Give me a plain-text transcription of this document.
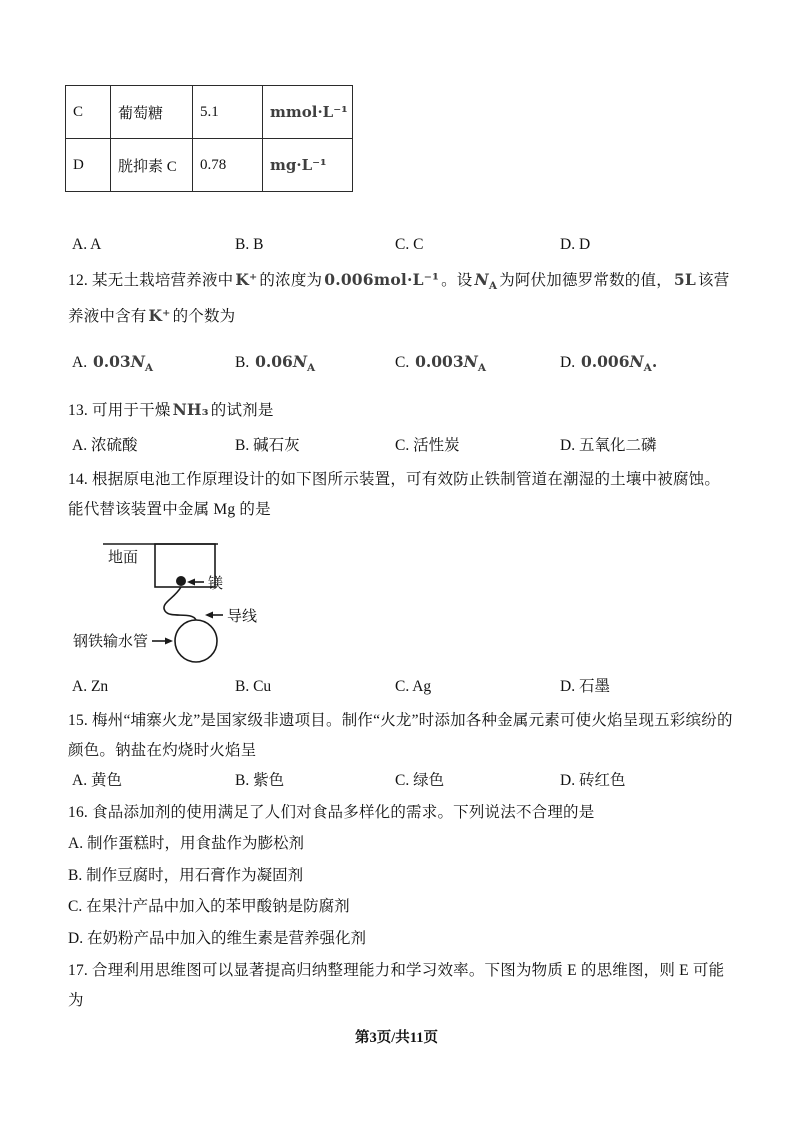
C	葡萄糖	5.1	mmol·L⁻¹
D	胱抑素 C	0.78	mg·L⁻¹
A. A	B. B	C. C	D. D

12. 某无土栽培营养液中 K⁺ 的浓度为 0.006mol·L⁻¹ 。设 $N_A$ 为阿伏加德罗常数的值， 5L 该营养液中含有 K⁺ 的个数为

A. $0.03N_A$	B. $0.06N_A$	C. $0.003N_A$	D. $0.006N_A$.

13. 可用于干燥 NH₃ 的试剂是

A. 浓硫酸	B. 碱石灰	C. 活性炭	D. 五氧化二磷

14. 根据原电池工作原理设计的如下图所示装置，可有效防止铁制管道在潮湿的土壤中被腐蚀。能代替该装置中金属 Mg 的是

地面
镁
导线
钢铁输水管
A. Zn	B. Cu	C. Ag	D. 石墨

15. 梅州“埔寨火龙”是国家级非遗项目。制作“火龙”时添加各种金属元素可使火焰呈现五彩缤纷的颜色。钠盐在灼烧时火焰呈

A. 黄色	B. 紫色	C. 绿色	D. 砖红色

16. 食品添加剂的使用满足了人们对食品多样化的需求。下列说法不合理的是

A. 制作蛋糕时，用食盐作为膨松剂

B. 制作豆腐时，用石膏作为凝固剂

C. 在果汁产品中加入的苯甲酸钠是防腐剂

D. 在奶粉产品中加入的维生素是营养强化剂

17. 合理利用思维图可以显著提高归纳整理能力和学习效率。下图为物质 E 的思维图，则 E 可能为

第3页/共11页
